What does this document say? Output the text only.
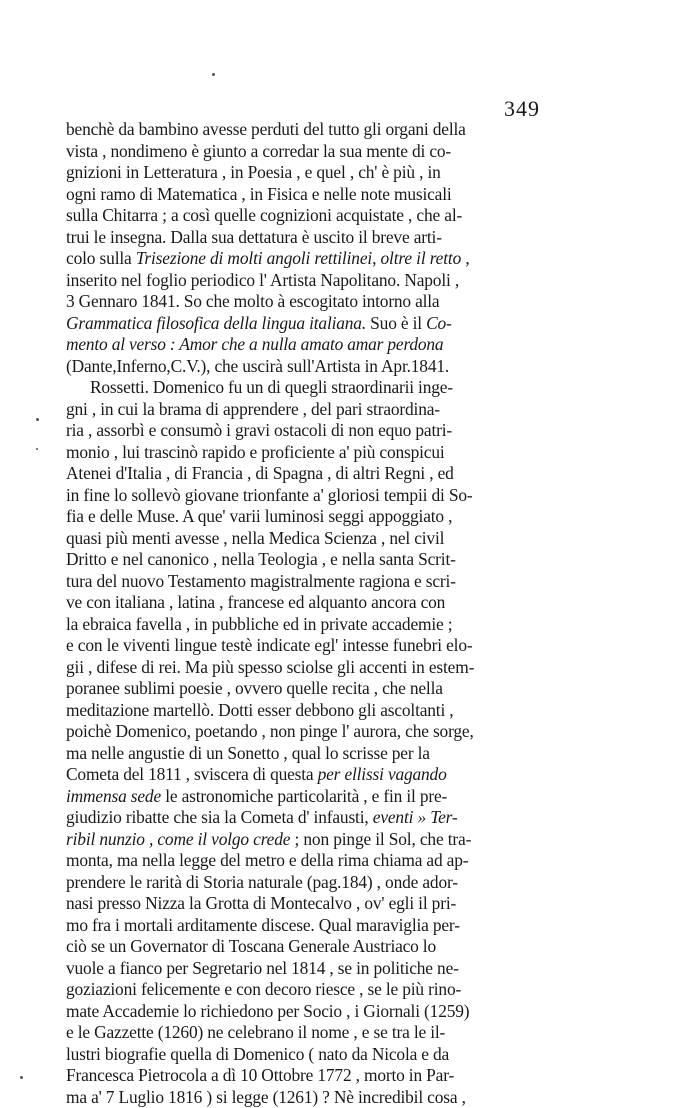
349
benchè da bambino avesse perduti del tutto gli organi della
vista , nondimeno è giunto a corredar la sua mente di co-
gnizioni in Letteratura , in Poesia , e quel , ch' è più , in
ogni ramo di Matematica , in Fisica e nelle note musicali
sulla Chitarra ; a così quelle cognizioni acquistate , che al-
trui le insegna. Dalla sua dettatura è uscito il breve arti-
colo sulla Trisezione di molti angoli rettilinei, oltre il retto ,
inserito nel foglio periodico l' Artista Napolitano. Napoli ,
3 Gennaro 1841. So che molto à escogitato intorno alla
Grammatica filosofica della lingua italiana. Suo è il Co-
mento al verso : Amor che a nulla amato amar perdona
(Dante,Inferno,C.V.), che uscirà sull'Artista in Apr.1841.
Rossetti. Domenico fu un di quegli straordinarii inge-
gni , in cui la brama di apprendere , del pari straordina-
ria , assorbì e consumò i gravi ostacoli di non equo patri-
monio , lui trascinò rapido e proficiente a' più conspicui
Atenei d'Italia , di Francia , di Spagna , di altri Regni , ed
in fine lo sollevò giovane trionfante a' gloriosi tempii di So-
fia e delle Muse. A que' varii luminosi seggi appoggiato ,
quasi più menti avesse , nella Medica Scienza , nel civil
Dritto e nel canonico , nella Teologia , e nella santa Scrit-
tura del nuovo Testamento magistralmente ragiona e scri-
ve con italiana , latina , francese ed alquanto ancora con
la ebraica favella , in pubbliche ed in private accademie ;
e con le viventi lingue testè indicate egl' intesse funebri elo-
gii , difese di rei. Ma più spesso sciolse gli accenti in estem-
poranee sublimi poesie , ovvero quelle recita , che nella
meditazione martellò. Dotti esser debbono gli ascoltanti ,
poichè Domenico, poetando , non pinge l' aurora, che sorge,
ma nelle angustie di un Sonetto , qual lo scrisse per la
Cometa del 1811 , sviscera di questa per ellissi vagando
immensa sede le astronomiche particolarità , e fin il pre-
giudizio ribatte che sia la Cometa d' infausti, eventi » Ter-
ribil nunzio , come il volgo crede ; non pinge il Sol, che tra-
monta, ma nella legge del metro e della rima chiama ad ap-
prendere le rarità di Storia naturale (pag.184) , onde ador-
nasi presso Nizza la Grotta di Montecalvo , ov' egli il pri-
mo fra i mortali arditamente discese. Qual maraviglia per-
ciò se un Governator di Toscana Generale Austriaco lo
vuole a fianco per Segretario nel 1814 , se in politiche ne-
goziazioni felicemente e con decoro riesce , se le più rino-
mate Accademie lo richiedono per Socio , i Giornali (1259)
e le Gazzette (1260) ne celebrano il nome , e se tra le il-
lustri biografie quella di Domenico ( nato da Nicola e da
Francesca Pietrocola a dì 10 Ottobre 1772 , morto in Par-
ma a' 7 Luglio 1816 ) si legge (1261) ? Nè incredibil cosa ,
